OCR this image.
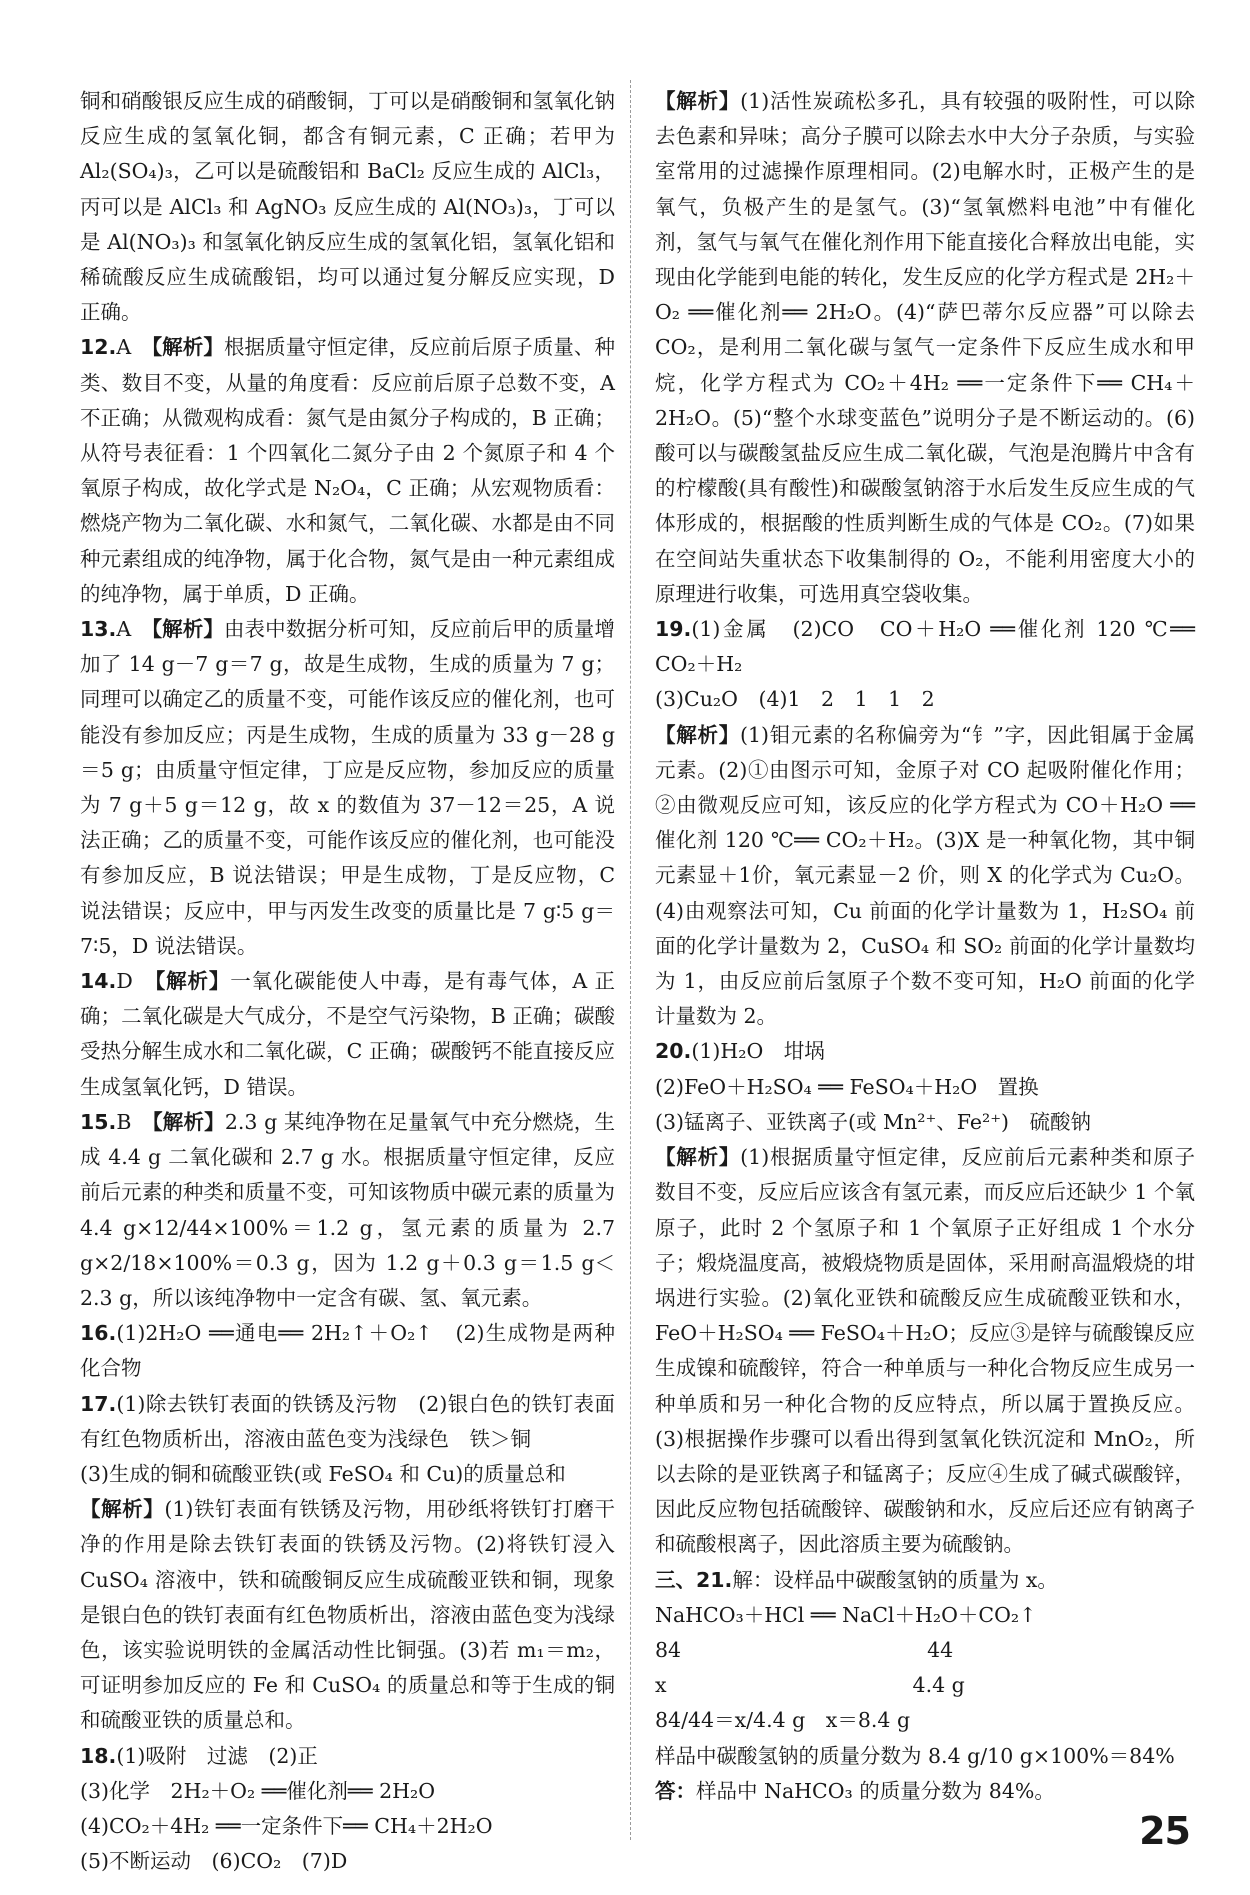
铜和硝酸银反应生成的硝酸铜，丁可以是硝酸铜和氢氧化钠反应生成的氢氧化铜，都含有铜元素，C 正确；若甲为 Al₂(SO₄)₃，乙可以是硫酸铝和 BaCl₂ 反应生成的 AlCl₃，丙可以是 AlCl₃ 和 AgNO₃ 反应生成的 Al(NO₃)₃，丁可以是 Al(NO₃)₃ 和氢氧化钠反应生成的氢氧化铝，氢氧化铝和稀硫酸反应生成硫酸铝，均可以通过复分解反应实现，D 正确。

12.A　 【解析】根据质量守恒定律，反应前后原子质量、种类、数目不变，从量的角度看：反应前后原子总数不变，A 不正确；从微观构成看：氮气是由氮分子构成的，B 正确；从符号表征看：1 个四氧化二氮分子由 2 个氮原子和 4 个氧原子构成，故化学式是 N₂O₄，C 正确；从宏观物质看：燃烧产物为二氧化碳、水和氮气，二氧化碳、水都是由不同种元素组成的纯净物，属于化合物，氮气是由一种元素组成的纯净物，属于单质，D 正确。

13.A　 【解析】由表中数据分析可知，反应前后甲的质量增加了 14 g－7 g＝7 g，故是生成物，生成的质量为 7 g；同理可以确定乙的质量不变，可能作该反应的催化剂，也可能没有参加反应；丙是生成物，生成的质量为 33 g－28 g＝5 g；由质量守恒定律，丁应是反应物，参加反应的质量为 7 g＋5 g＝12 g，故 x 的数值为 37－12＝25，A 说法正确；乙的质量不变，可能作该反应的催化剂，也可能没有参加反应，B 说法错误；甲是生成物，丁是反应物，C 说法错误；反应中，甲与丙发生改变的质量比是 7 g∶5 g＝7∶5，D 说法错误。

14.D　 【解析】一氧化碳能使人中毒，是有毒气体，A 正确；二氧化碳是大气成分，不是空气污染物，B 正确；碳酸受热分解生成水和二氧化碳，C 正确；碳酸钙不能直接反应生成氢氧化钙，D 错误。

15.B　 【解析】2.3 g 某纯净物在足量氧气中充分燃烧，生成 4.4 g 二氧化碳和 2.7 g 水。根据质量守恒定律，反应前后元素的种类和质量不变，可知该物质中碳元素的质量为 4.4 g×12/44×100%＝1.2 g，氢元素的质量为 2.7 g×2/18×100%＝0.3 g，因为 1.2 g＋0.3 g＝1.5 g＜2.3 g，所以该纯净物中一定含有碳、氢、氧元素。

16.(1)2H₂O ══通电══ 2H₂↑＋O₂↑　(2)生成物是两种化合物

17.(1)除去铁钉表面的铁锈及污物　(2)银白色的铁钉表面有红色物质析出，溶液由蓝色变为浅绿色　铁＞铜

(3)生成的铜和硫酸亚铁(或 FeSO₄ 和 Cu)的质量总和

【解析】(1)铁钉表面有铁锈及污物，用砂纸将铁钉打磨干净的作用是除去铁钉表面的铁锈及污物。(2)将铁钉浸入 CuSO₄ 溶液中，铁和硫酸铜反应生成硫酸亚铁和铜，现象是银白色的铁钉表面有红色物质析出，溶液由蓝色变为浅绿色，该实验说明铁的金属活动性比铜强。(3)若 m₁＝m₂，可证明参加反应的 Fe 和 CuSO₄ 的质量总和等于生成的铜和硫酸亚铁的质量总和。

18.(1)吸附　过滤　(2)正

(3)化学　2H₂＋O₂ ══催化剂══ 2H₂O

(4)CO₂＋4H₂ ══一定条件下══ CH₄＋2H₂O

(5)不断运动　(6)CO₂　(7)D

【解析】(1)活性炭疏松多孔，具有较强的吸附性，可以除去色素和异味；高分子膜可以除去水中大分子杂质，与实验室常用的过滤操作原理相同。(2)电解水时，正极产生的是氧气，负极产生的是氢气。(3)“氢氧燃料电池”中有催化剂，氢气与氧气在催化剂作用下能直接化合释放出电能，实现由化学能到电能的转化，发生反应的化学方程式是 2H₂＋O₂ ══催化剂══ 2H₂O。(4)“萨巴蒂尔反应器”可以除去 CO₂，是利用二氧化碳与氢气一定条件下反应生成水和甲烷，化学方程式为 CO₂＋4H₂ ══一定条件下══ CH₄＋2H₂O。(5)“整个水球变蓝色”说明分子是不断运动的。(6)酸可以与碳酸氢盐反应生成二氧化碳，气泡是泡腾片中含有的柠檬酸(具有酸性)和碳酸氢钠溶于水后发生反应生成的气体形成的，根据酸的性质判断生成的气体是 CO₂。(7)如果在空间站失重状态下收集制得的 O₂，不能利用密度大小的原理进行收集，可选用真空袋收集。

19.(1)金属　(2)CO　CO＋H₂O ══催化剂 120 ℃══ CO₂＋H₂

(3)Cu₂O　(4)1　2　1　1　2

【解析】(1)钼元素的名称偏旁为“钅”字，因此钼属于金属元素。(2)①由图示可知，金原子对 CO 起吸附催化作用；②由微观反应可知，该反应的化学方程式为 CO＋H₂O ══催化剂 120 ℃══ CO₂＋H₂。(3)X 是一种氧化物，其中铜元素显＋1价，氧元素显－2 价，则 X 的化学式为 Cu₂O。(4)由观察法可知，Cu 前面的化学计量数为 1，H₂SO₄ 前面的化学计量数为 2，CuSO₄ 和 SO₂ 前面的化学计量数均为 1，由反应前后氢原子个数不变可知，H₂O 前面的化学计量数为 2。

20.(1)H₂O　坩埚

(2)FeO＋H₂SO₄ ══ FeSO₄＋H₂O　置换

(3)锰离子、亚铁离子(或 Mn²⁺、Fe²⁺)　硫酸钠

【解析】(1)根据质量守恒定律，反应前后元素种类和原子数目不变，反应后应该含有氢元素，而反应后还缺少 1 个氧原子，此时 2 个氢原子和 1 个氧原子正好组成 1 个水分子；煅烧温度高，被煅烧物质是固体，采用耐高温煅烧的坩埚进行实验。(2)氧化亚铁和硫酸反应生成硫酸亚铁和水，FeO＋H₂SO₄ ══ FeSO₄＋H₂O；反应③是锌与硫酸镍反应生成镍和硫酸锌，符合一种单质与一种化合物反应生成另一种单质和另一种化合物的反应特点，所以属于置换反应。(3)根据操作步骤可以看出得到氢氧化铁沉淀和 MnO₂，所以去除的是亚铁离子和锰离子；反应④生成了碱式碳酸锌，因此反应物包括硫酸锌、碳酸钠和水，反应后还应有钠离子和硫酸根离子，因此溶质主要为硫酸钠。

三、21.解：设样品中碳酸氢钠的质量为 x。

NaHCO₃＋HCl ══ NaCl＋H₂O＋CO₂↑

84　　　　　　　　　　　　44

x　　　　　　　　　　　　4.4 g

84/44＝x/4.4 g　x＝8.4 g

样品中碳酸氢钠的质量分数为 8.4 g/10 g×100%＝84%

答：样品中 NaHCO₃ 的质量分数为 84%。

25
